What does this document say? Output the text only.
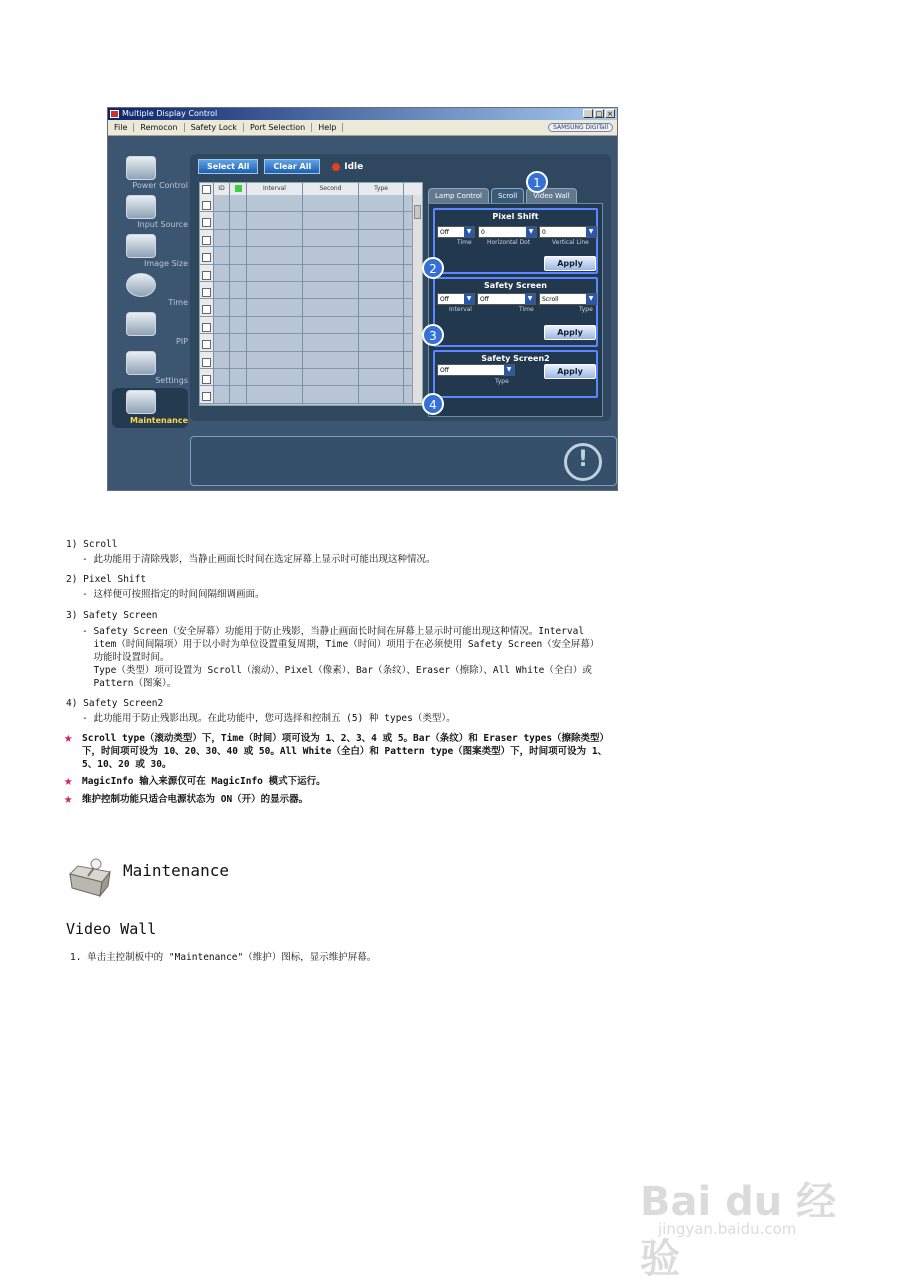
Multiple Display Control	_ □ ×
File	Remocon	Safety Lock	Port Selection	Help	SAMSUNG DIGITall
Power Control
Input Source
Image Size
Time
PIP
Settings
Maintenance
Select All	Clear All	Idle
ID	Interval	Second	Type
Lamp Control	Scroll	Video Wall
Pixel Shift
Off	▼	0	▼	0	▼
Time	Horizontal Dot	Vertical Line
Apply
Safety Screen
Off	▼	Off	▼	Scroll	▼
Interval	Time	Type
Apply
Safety Screen2
Off	▼
Type
Apply
1
2
3
4
!
1) Scroll
- 此功能用于清除残影，当静止画面长时间在选定屏幕上显示时可能出现这种情况。
2) Pixel Shift
- 这样便可按照指定的时间间隔细调画面。
3) Safety Screen
- Safety Screen（安全屏幕）功能用于防止残影，当静止画面长时间在屏幕上显示时可能出现这种情况。Interval
item（时间间隔项）用于以小时为单位设置重复周期，Time（时间）项用于在必须使用 Safety Screen（安全屏幕）
功能时设置时间。
Type（类型）项可设置为 Scroll（滚动）、Pixel（像素）、Bar（条纹）、Eraser（擦除）、All White（全白）或
Pattern（图案）。
4) Safety Screen2
- 此功能用于防止残影出现。在此功能中，您可选择和控制五 (5) 种 types（类型）。
★ Scroll type（滚动类型）下，Time（时间）项可设为 1、2、3、4 或 5。Bar（条纹）和 Eraser types（擦除类型）
下，时间项可设为 10、20、30、40 或 50。All White（全白）和 Pattern type（图案类型）下，时间项可设为 1、
5、10、20 或 30。
★ MagicInfo 输入来源仅可在 MagicInfo 模式下运行。
★ 维护控制功能只适合电源状态为 ON（开）的显示器。
Maintenance
Video Wall
1. 单击主控制板中的 "Maintenance"（维护）图标，显示维护屏幕。
Bai du 经验
jingyan.baidu.com
